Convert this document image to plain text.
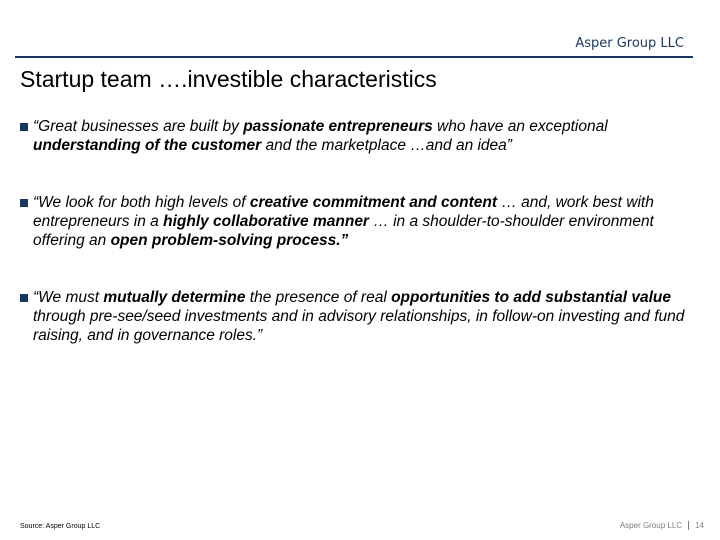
Asper Group LLC
Startup team ….investible characteristics
“Great businesses are built by passionate entrepreneurs who have an exceptional understanding of the customer and the marketplace …and an idea”
“We look for both high levels of creative commitment and content … and, work best with entrepreneurs in a highly collaborative manner … in a shoulder-to-shoulder environment offering an open problem-solving process.”
“We must mutually determine the presence of real opportunities to add substantial value through pre-see/seed investments and in advisory relationships, in follow-on investing and fund raising, and in governance roles.”
Source: Asper Group LLC	Asper Group LLC 14
